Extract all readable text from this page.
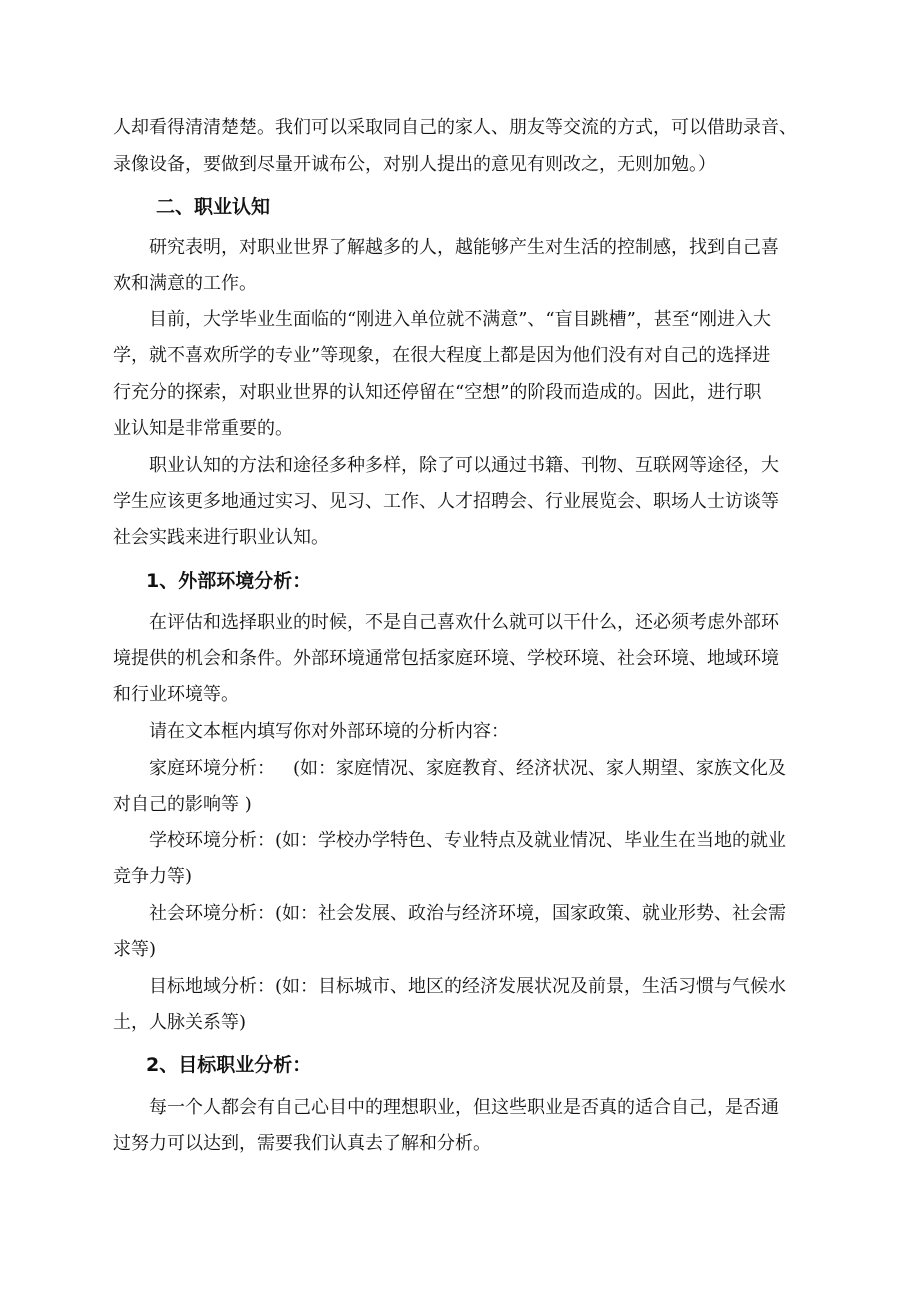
人却看得清清楚楚。我们可以采取同自己的家人、朋友等交流的方式，可以借助录音、

录像设备，要做到尽量开诚布公，对别人提出的意见有则改之，无则加勉。）

二、职业认知

研究表明，对职业世界了解越多的人，越能够产生对生活的控制感，找到自己喜

欢和满意的工作。

目前，大学毕业生面临的“刚进入单位就不满意”、“盲目跳槽”，甚至“刚进入大

学，就不喜欢所学的专业”等现象，在很大程度上都是因为他们没有对自己的选择进

行充分的探索，对职业世界的认知还停留在“空想”的阶段而造成的。因此，进行职

业认知是非常重要的。

职业认知的方法和途径多种多样，除了可以通过书籍、刊物、互联网等途径，大

学生应该更多地通过实习、见习、工作、人才招聘会、行业展览会、职场人士访谈等

社会实践来进行职业认知。

1、外部环境分析：

在评估和选择职业的时候，不是自己喜欢什么就可以干什么，还必须考虑外部环

境提供的机会和条件。外部环境通常包括家庭环境、学校环境、社会环境、地域环境

和行业环境等。

请在文本框内填写你对外部环境的分析内容：

家庭环境分析： (如：家庭情况、家庭教育、经济状况、家人期望、家族文化及

对自己的影响等 )

学校环境分析：(如：学校办学特色、专业特点及就业情况、毕业生在当地的就业

竞争力等)

社会环境分析：(如：社会发展、政治与经济环境，国家政策、就业形势、社会需

求等)

目标地域分析：(如：目标城市、地区的经济发展状况及前景，生活习惯与气候水

土，人脉关系等)

2、目标职业分析：

每一个人都会有自己心目中的理想职业，但这些职业是否真的适合自己，是否通

过努力可以达到，需要我们认真去了解和分析。
